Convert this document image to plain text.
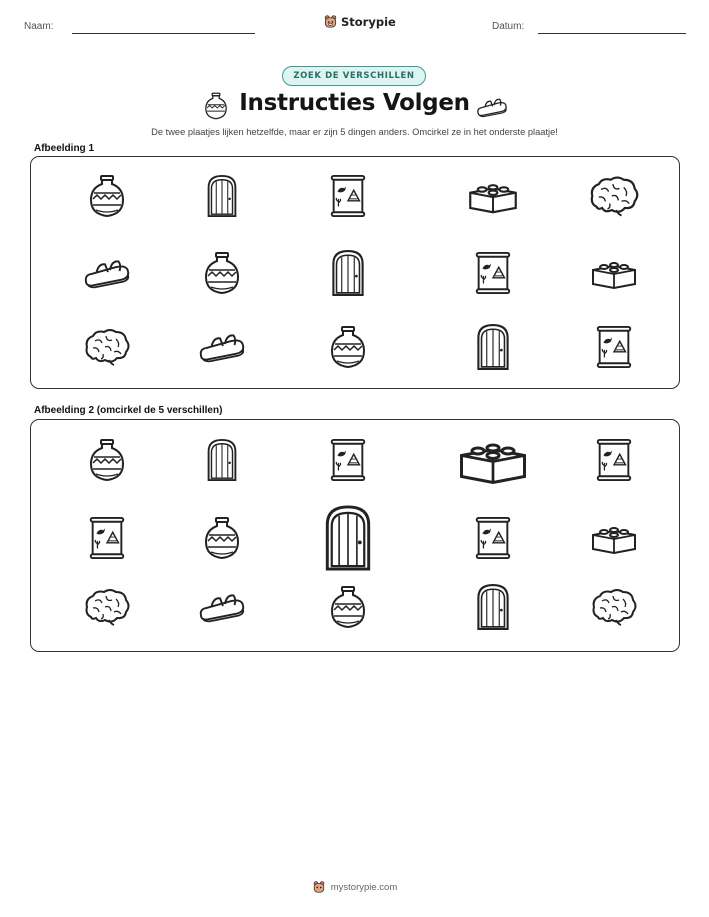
Naam:	Storypie	Datum:
ZOEK DE VERSCHILLEN
Instructies Volgen
De twee plaatjes lijken hetzelfde, maar er zijn 5 dingen anders. Omcirkel ze in het onderste plaatje!
Afbeelding 1
Afbeelding 2 (omcirkel de 5 verschillen)
mystorypie.com
